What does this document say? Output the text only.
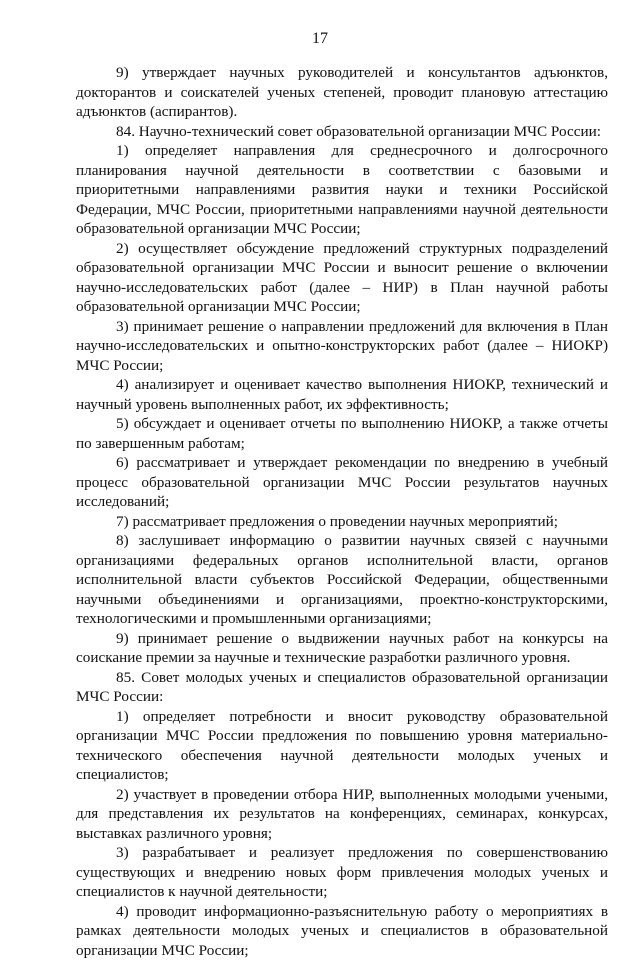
17

9) утверждает научных руководителей и консультантов адъюнктов, докторантов и соискателей ученых степеней, проводит плановую аттестацию адъюнктов (аспирантов).

84. Научно-технический совет образовательной организации МЧС России:

1) определяет направления для среднесрочного и долгосрочного планирования научной деятельности в соответствии с базовыми и приоритетными направлениями развития науки и техники Российской Федерации, МЧС России, приоритетными направлениями научной деятельности образовательной организации МЧС России;

2) осуществляет обсуждение предложений структурных подразделений образовательной организации МЧС России и выносит решение о включении научно-исследовательских работ (далее – НИР) в План научной работы образовательной организации МЧС России;

3) принимает решение о направлении предложений для включения в План научно-исследовательских и опытно-конструкторских работ (далее – НИОКР) МЧС России;

4) анализирует и оценивает качество выполнения НИОКР, технический и научный уровень выполненных работ, их эффективность;

5) обсуждает и оценивает отчеты по выполнению НИОКР, а также отчеты по завершенным работам;

6) рассматривает и утверждает рекомендации по внедрению в учебный процесс образовательной организации МЧС России результатов научных исследований;

7) рассматривает предложения о проведении научных мероприятий;

8) заслушивает информацию о развитии научных связей с научными организациями федеральных органов исполнительной власти, органов исполнительной власти субъектов Российской Федерации, общественными научными объединениями и организациями, проектно-конструкторскими, технологическими и промышленными организациями;

9) принимает решение о выдвижении научных работ на конкурсы на соискание премии за научные и технические разработки различного уровня.

85. Совет молодых ученых и специалистов образовательной организации МЧС России:

1) определяет потребности и вносит руководству образовательной организации МЧС России предложения по повышению уровня материально-технического обеспечения научной деятельности молодых ученых и специалистов;

2) участвует в проведении отбора НИР, выполненных молодыми учеными, для представления их результатов на конференциях, семинарах, конкурсах, выставках различного уровня;

3) разрабатывает и реализует предложения по совершенствованию существующих и внедрению новых форм привлечения молодых ученых и специалистов к научной деятельности;

4) проводит информационно-разъяснительную работу о мероприятиях в рамках деятельности молодых ученых и специалистов в образовательной организации МЧС России;
